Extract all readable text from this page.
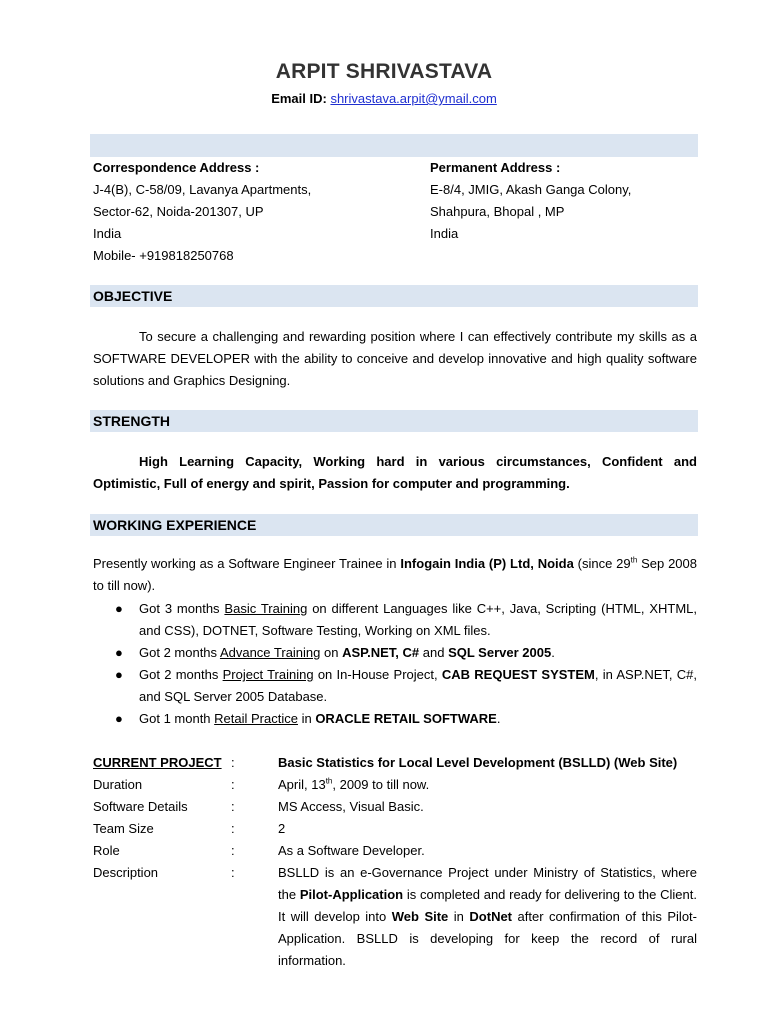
ARPIT SHRIVASTAVA
Email ID: shrivastava.arpit@ymail.com
Correspondence Address :
J-4(B), C-58/09, Lavanya Apartments,
Sector-62, Noida-201307, UP
India
Mobile- +919818250768
Permanent Address :
E-8/4, JMIG, Akash Ganga Colony,
Shahpura, Bhopal , MP
India
OBJECTIVE
To secure a challenging and rewarding position where I can effectively contribute my skills as a SOFTWARE DEVELOPER with the ability to conceive and develop innovative and high quality software solutions and Graphics Designing.
STRENGTH
High Learning Capacity, Working hard in various circumstances, Confident and Optimistic, Full of energy and spirit, Passion for computer and programming.
WORKING EXPERIENCE
Presently working as a Software Engineer Trainee in Infogain India (P) Ltd, Noida (since 29th Sep 2008 to till now).
● Got 3 months Basic Training on different Languages like C++, Java, Scripting (HTML, XHTML, and CSS), DOTNET, Software Testing, Working on XML files.
● Got 2 months Advance Training on ASP.NET, C# and SQL Server 2005.
● Got 2 months Project Training on In-House Project, CAB REQUEST SYSTEM, in ASP.NET, C#, and SQL Server 2005 Database.
● Got 1 month Retail Practice in ORACLE RETAIL SOFTWARE.
CURRENT PROJECT :	Basic Statistics for Local Level Development (BSLLD) (Web Site)
Duration	:	April, 13th, 2009 to till now.
Software Details	:	MS Access, Visual Basic.
Team Size	:	2
Role	:	As a Software Developer.
Description	:	BSLLD is an e-Governance Project under Ministry of Statistics, where the Pilot-Application is completed and ready for delivering to the Client. It will develop into Web Site in DotNet after confirmation of this Pilot-Application. BSLLD is developing for keep the record of rural information.
